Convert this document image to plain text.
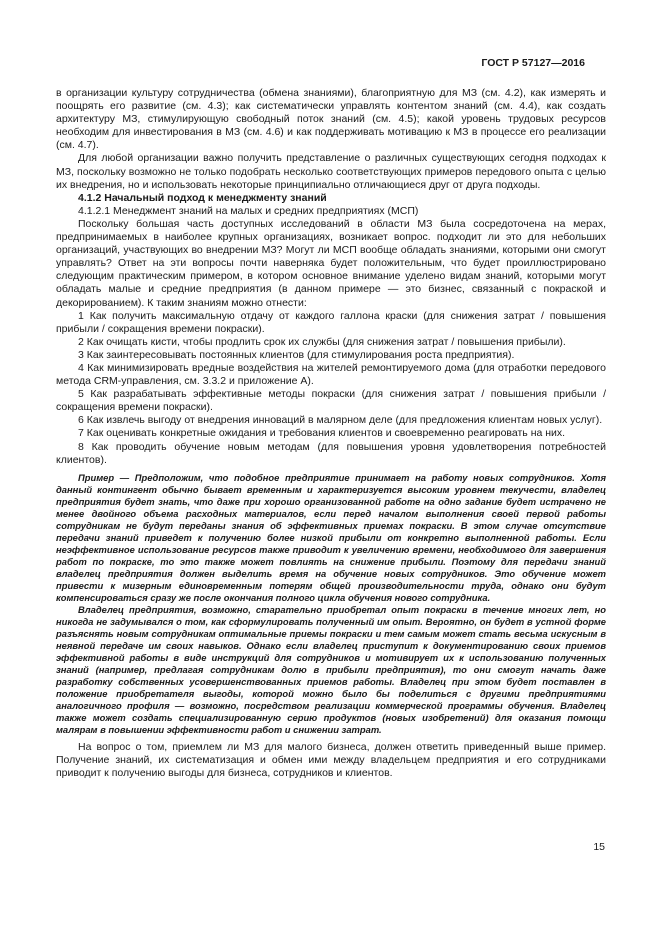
ГОСТ Р 57127—2016

в организации культуру сотрудничества (обмена знаниями), благоприятную для МЗ (см. 4.2), как измерять и поощрять его развитие (см. 4.3); как систематически управлять контентом знаний (см. 4.4), как создать архитектуру МЗ, стимулирующую свободный поток знаний (см. 4.5); какой уровень трудовых ресурсов необходим для инвестирования в МЗ (см. 4.6) и как поддерживать мотивацию к МЗ в процессе его реализации (см. 4.7).

Для любой организации важно получить представление о различных существующих сегодня подходах к МЗ, поскольку возможно не только подобрать несколько соответствующих примеров передового опыта с целью их внедрения, но и использовать некоторые принципиально отличающиеся друг от друга подходы.

4.1.2 Начальный подход к менеджменту знаний

4.1.2.1 Менеджмент знаний на малых и средних предприятиях (МСП)

Поскольку большая часть доступных исследований в области МЗ была сосредоточена на мерах, предпринимаемых в наиболее крупных организациях, возникает вопрос. подходит ли это для небольших организаций, участвующих во внедрении МЗ? Могут ли МСП вообще обладать знаниями, которыми они смогут управлять? Ответ на эти вопросы почти наверняка будет положительным, что будет проиллюстрировано следующим практическим примером, в котором основное внимание уделено видам знаний, которыми могут обладать малые и средние предприятия (в данном примере — это бизнес, связанный с покраской и декорированием). К таким знаниям можно отнести:

1 Как получить максимальную отдачу от каждого галлона краски (для снижения затрат / повышения прибыли / сокращения времени покраски).

2 Как очищать кисти, чтобы продлить срок их службы (для снижения затрат / повышения прибыли).

3 Как заинтересовывать постоянных клиентов (для стимулирования роста предприятия).

4 Как минимизировать вредные воздействия на жителей ремонтируемого дома (для отработки передового метода CRM-управления, см. 3.3.2 и приложение А).

5 Как разрабатывать эффективные методы покраски (для снижения затрат / повышения прибыли / сокращения времени покраски).

6 Как извлечь выгоду от внедрения инноваций в малярном деле (для предложения клиентам новых услуг).

7 Как оценивать конкретные ожидания и требования клиентов и своевременно реагировать на них.

8 Как проводить обучение новым методам (для повышения уровня удовлетворения потребностей клиентов).

Пример — Предположим, что подобное предприятие принимает на работу новых сотрудников. Хотя данный контингент обычно бывает временным и характеризуется высоким уровнем текучести, владелец предприятия будет знать, что даже при хорошо организованной работе на одно задание будет истрачено не менее двойного объема расходных материалов, если перед началом выполнения своей первой работы сотрудникам не будут переданы знания об эффективных приемах покраски. В этом случае отсутствие передачи знаний приведет к получению более низкой прибыли от конкретно выполненной работы. Если неэффективное использование ресурсов также приводит к увеличению времени, необходимого для завершения работ по покраске, то это также может повлиять на снижение прибыли. Поэтому для передачи знаний владелец предприятия должен выделить время на обучение новых сотрудников. Это обучение может привести к мизерным единовременным потерям общей производительности труда, однако они будут компенсироваться сразу же после окончания полного цикла обучения нового сотрудника.

Владелец предприятия, возможно, старательно приобретал опыт покраски в течение многих лет, но никогда не задумывался о том, как сформулировать полученный им опыт. Вероятно, он будет в устной форме разъяснять новым сотрудникам оптимальные приемы покраски и тем самым может стать весьма искусным в неявной передаче им своих навыков. Однако если владелец приступит к документированию своих приемов эффективной работы в виде инструкций для сотрудников и мотивирует их к использованию полученных знаний (например, предлагая сотрудникам долю в прибыли предприятия), то они смогут начать даже разработку собственных усовершенствованных приемов работы. Владелец при этом будет поставлен в положение приобретателя выгоды, которой можно было бы поделиться с другими предприятиями аналогичного профиля — возможно, посредством реализации коммерческой программы обучения. Владелец также может создать специализированную серию продуктов (новых изобретений) для оказания помощи малярам в повышении эффективности работ и снижении затрат.

На вопрос о том, приемлем ли МЗ для малого бизнеса, должен ответить приведенный выше пример. Получение знаний, их систематизация и обмен ими между владельцем предприятия и его сотрудниками приводит к получению выгоды для бизнеса, сотрудников и клиентов.

15
